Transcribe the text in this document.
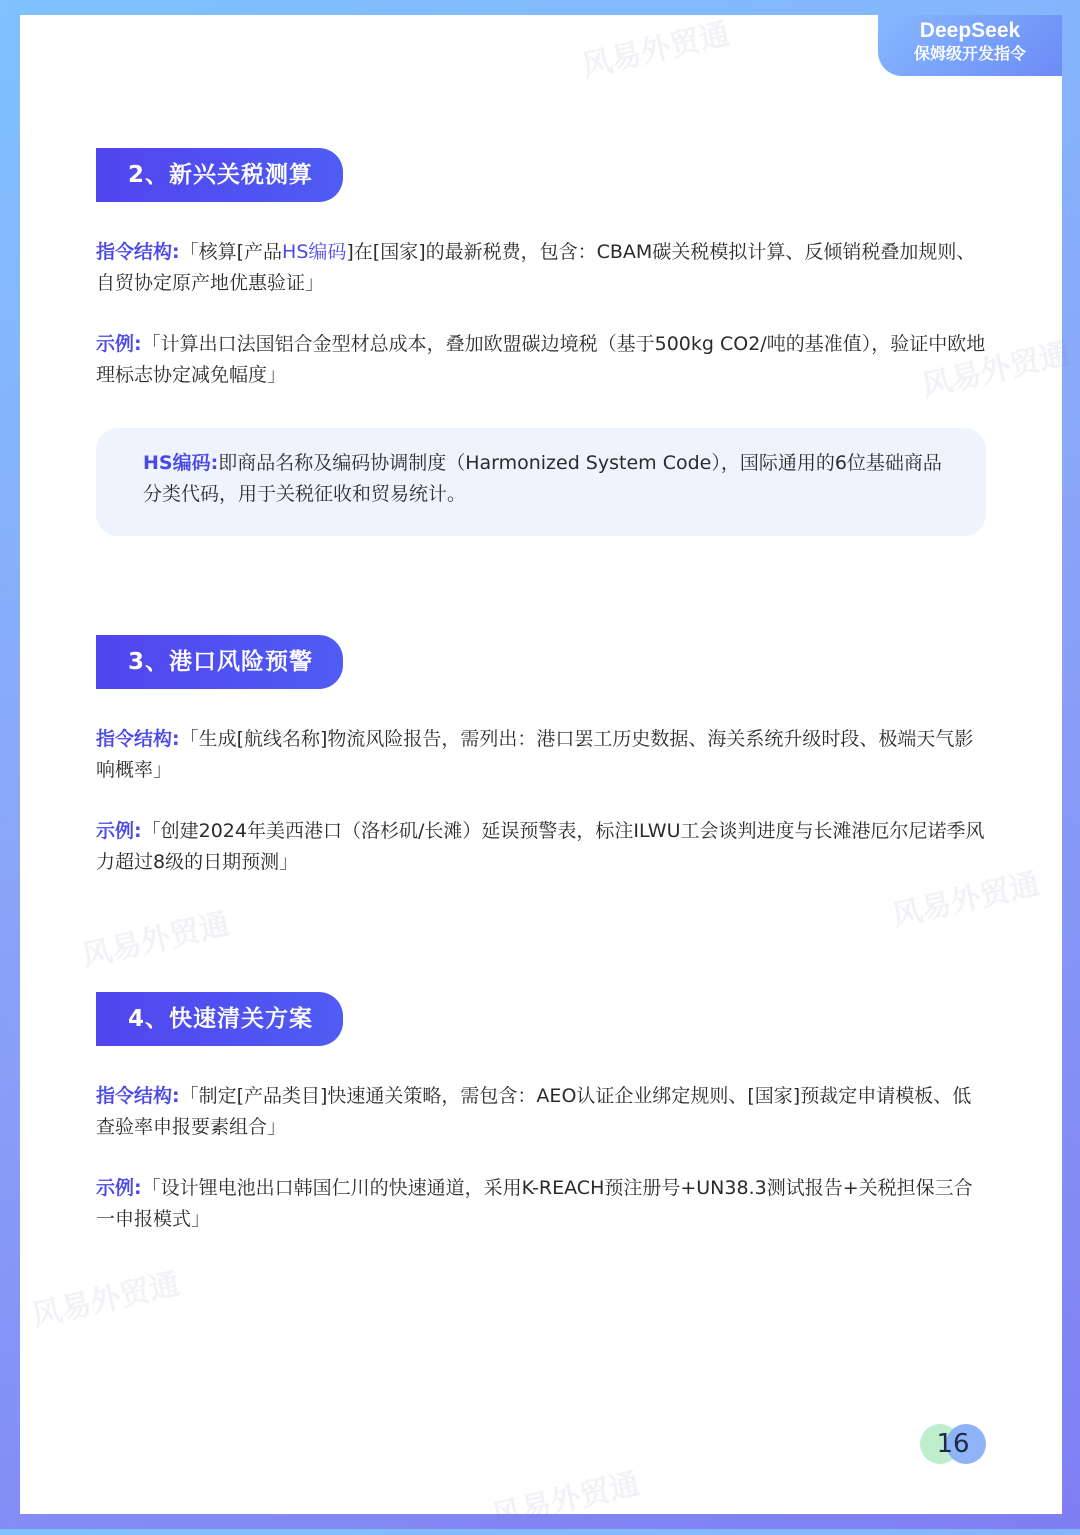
DeepSeek
保姆级开发指令
风易外贸通
风易外贸通
风易外贸通
风易外贸通
风易外贸通
风易外贸通
2、新兴关税测算
指令结构:「核算[产品HS编码]在[国家]的最新税费，包含：CBAM碳关税模拟计算、反倾销税叠加规则、自贸协定原产地优惠验证」
示例:「计算出口法国铝合金型材总成本，叠加欧盟碳边境税（基于500kg CO2/吨的基准值），验证中欧地理标志协定减免幅度」
HS编码:即商品名称及编码协调制度（Harmonized System Code），国际通用的6位基础商品分类代码，用于关税征收和贸易统计。
3、港口风险预警
指令结构:「生成[航线名称]物流风险报告，需列出：港口罢工历史数据、海关系统升级时段、极端天气影响概率」
示例:「创建2024年美西港口（洛杉矶/长滩）延误预警表，标注ILWU工会谈判进度与长滩港厄尔尼诺季风力超过8级的日期预测」
4、快速清关方案
指令结构:「制定[产品类目]快速通关策略，需包含：AEO认证企业绑定规则、[国家]预裁定申请模板、低查验率申报要素组合」
示例:「设计锂电池出口韩国仁川的快速通道，采用K-REACH预注册号+UN38.3测试报告+关税担保三合一申报模式」
16
